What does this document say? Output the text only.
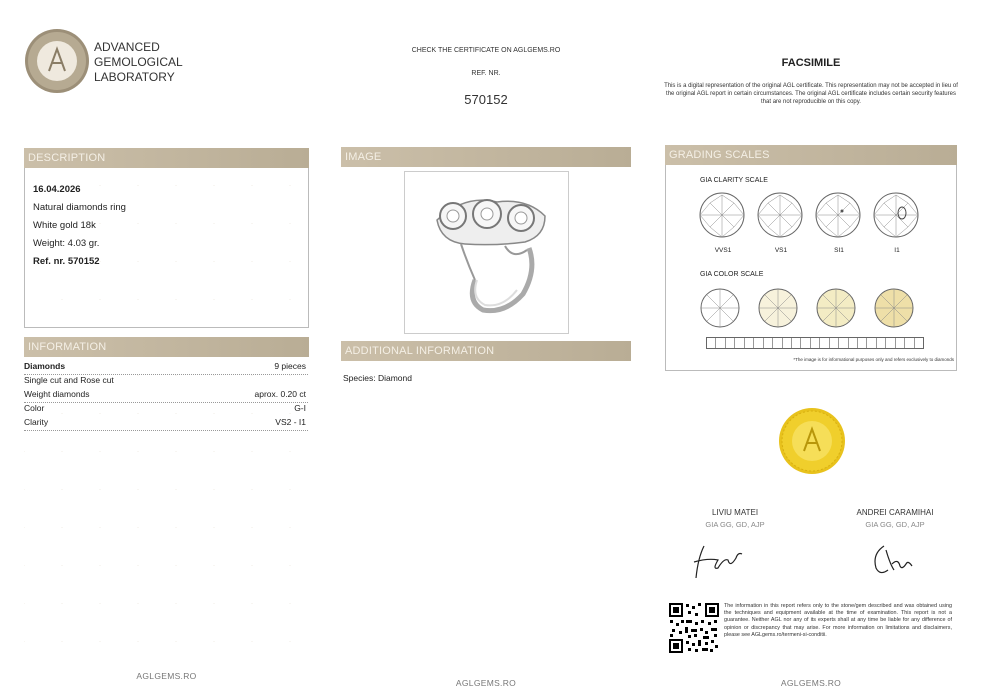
ADVANCED
GEMOLOGICAL
LABORATORY
CHECK THE CERTIFICATE ON AGLGEMS.RO
REF. NR.
570152
FACSIMILE
This is a digital representation of the original AGL certificate. This representation may not be accepted in lieu of the original AGL report in certain circumstances. The original AGL certificate includes certain security features that are not reproducible on this copy.
DESCRIPTION
16.04.2026
Natural diamonds ring
White gold 18k
Weight: 4.03 gr.
Ref. nr. 570152
INFORMATION
Diamonds	9 pieces
Single cut and Rose cut
Weight diamonds	aprox. 0.20 ct
Color	G-I
Clarity	VS2 - I1
AGLGEMS.RO
IMAGE
ADDITIONAL INFORMATION
Species: Diamond
AGLGEMS.RO
GRADING SCALES
GIA CLARITY SCALE
VVS1	VS1	SI1	I1
GIA COLOR SCALE
*The image is for informational purposes only and refers exclusively to diamonds
LIVIU MATEI
GIA GG, GD, AJP
ANDREI CARAMIHAI
GIA GG, GD, AJP
The information in this report refers only to the stone/gem described and was obtained using the techniques and equipment available at the time of examination. This report is not a guarantee. Neither AGL nor any of its experts shall at any time be liable for any difference of opinion or discrepancy that may arise. For more information on limitations and disclaimers, please see AGLgems.ro/termeni-si-conditii.
AGLGEMS.RO
